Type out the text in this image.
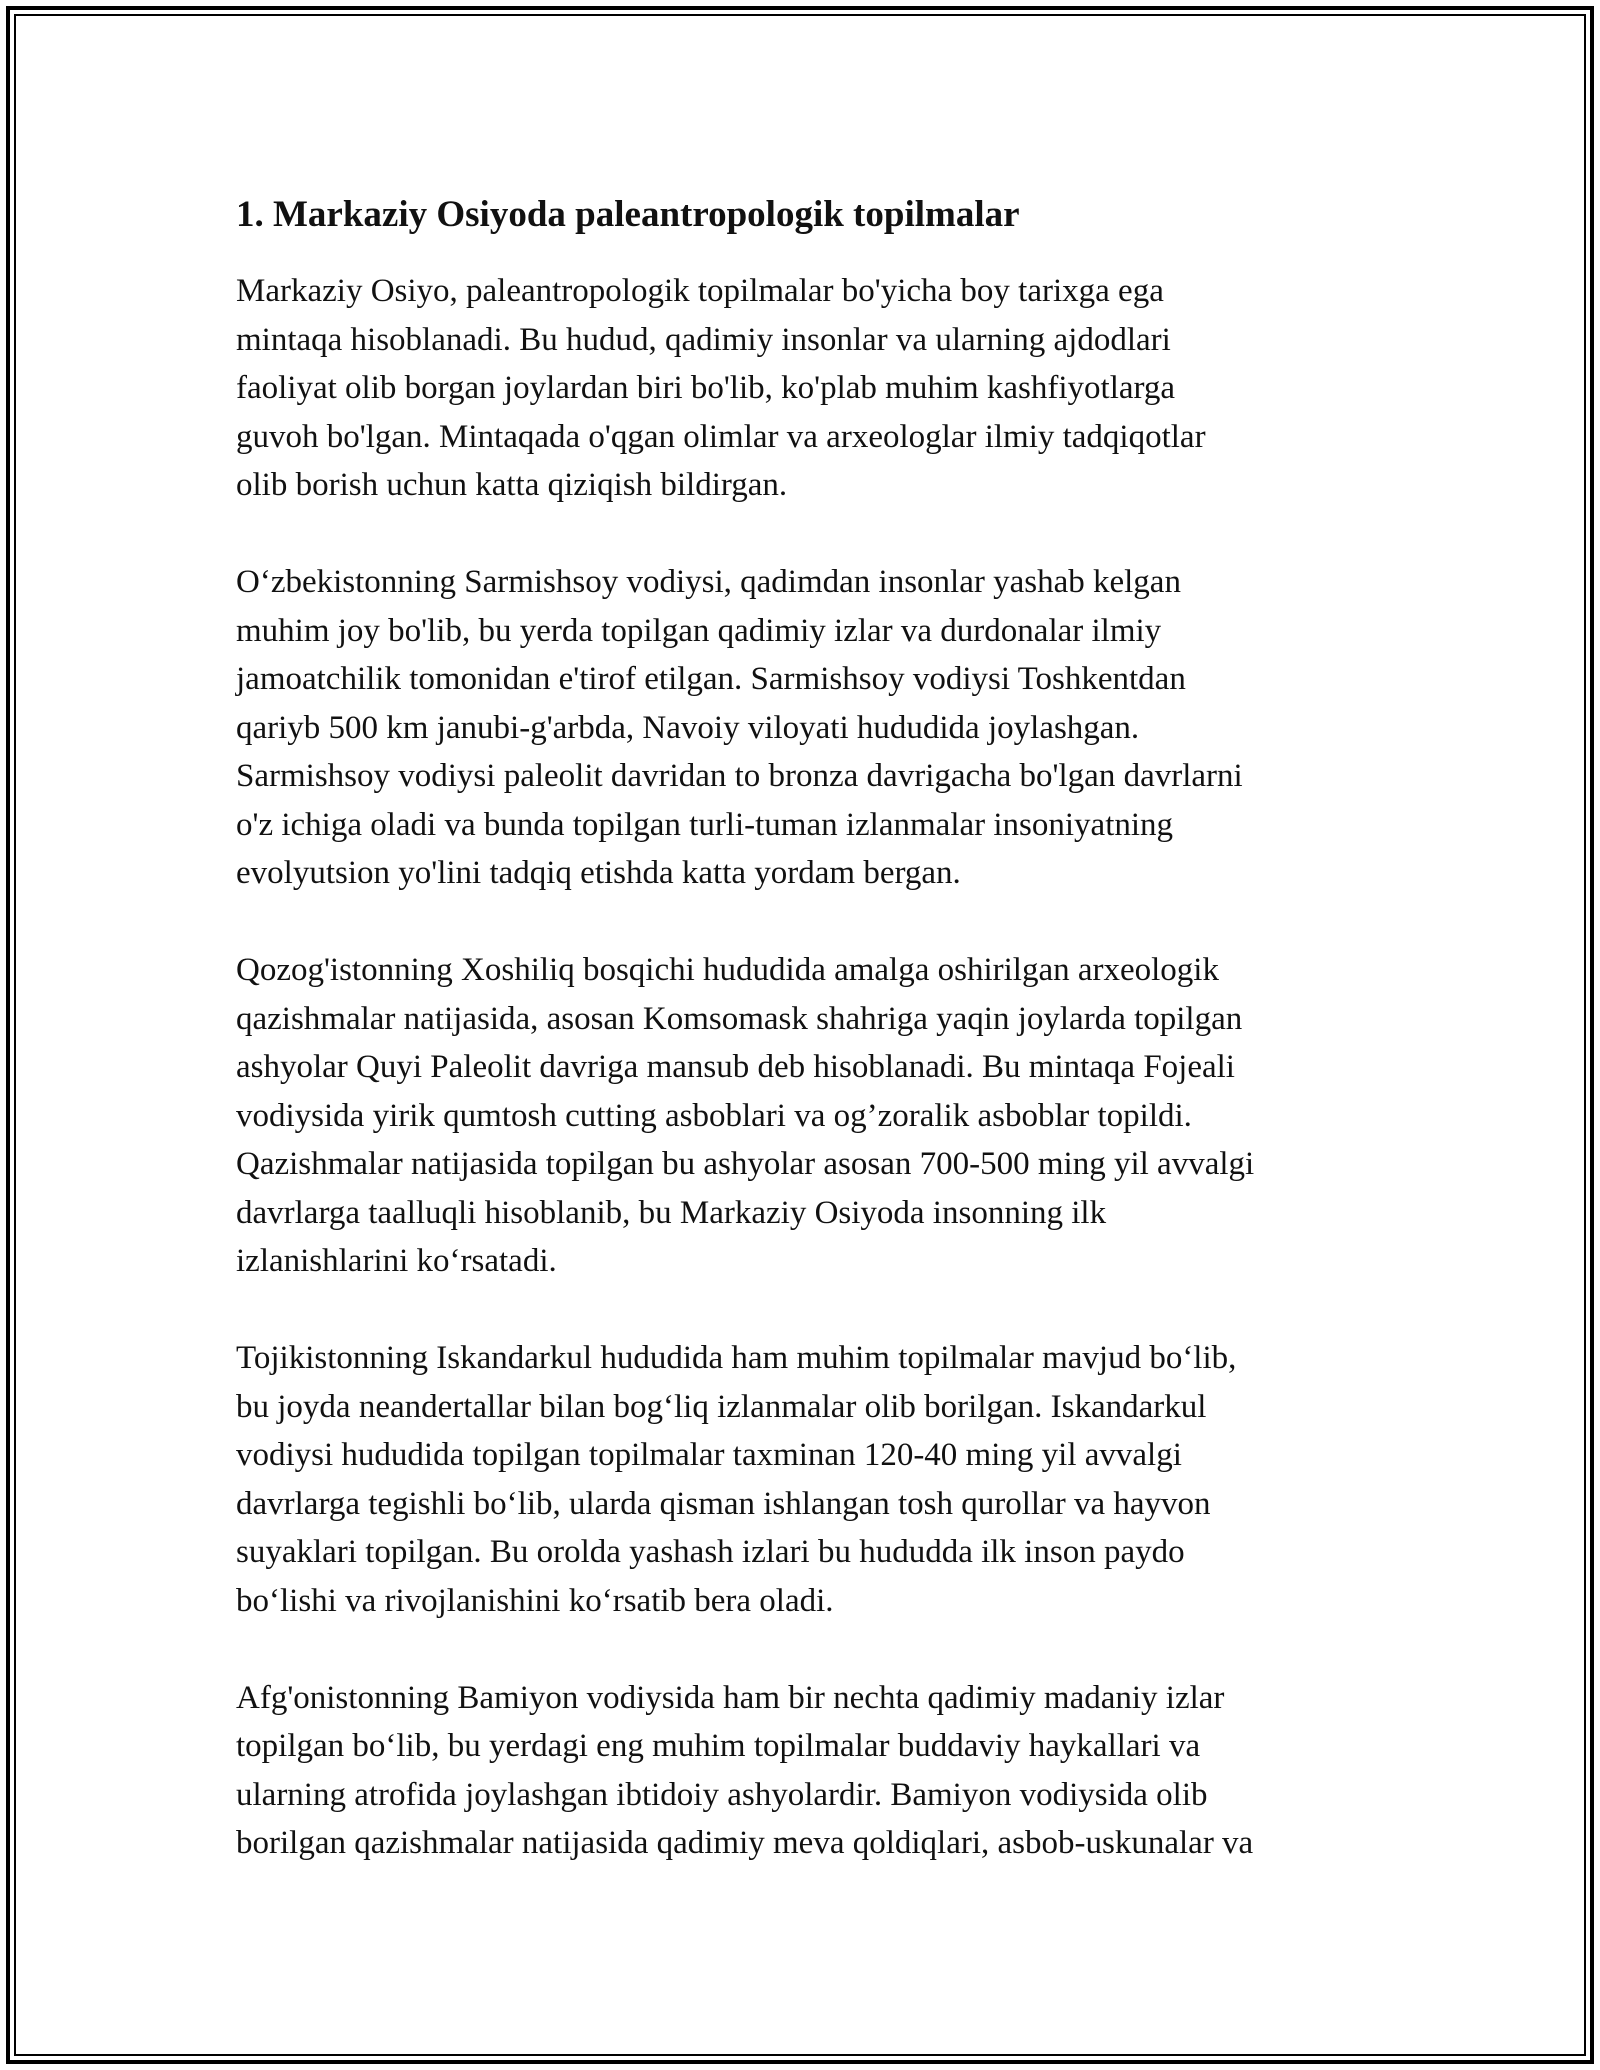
1. Markaziy Osiyoda paleantropologik topilmalar

Markaziy Osiyo, paleantropologik topilmalar bo'yicha boy tarixga ega
mintaqa hisoblanadi. Bu hudud, qadimiy insonlar va ularning ajdodlari
faoliyat olib borgan joylardan biri bo'lib, ko'plab muhim kashfiyotlarga
guvoh bo'lgan. Mintaqada o'qgan olimlar va arxeologlar ilmiy tadqiqotlar
olib borish uchun katta qiziqish bildirgan.

O‘zbekistonning Sarmishsoy vodiysi, qadimdan insonlar yashab kelgan
muhim joy bo'lib, bu yerda topilgan qadimiy izlar va durdonalar ilmiy
jamoatchilik tomonidan e'tirof etilgan. Sarmishsoy vodiysi Toshkentdan
qariyb 500 km janubi-g'arbda, Navoiy viloyati hududida joylashgan.
Sarmishsoy vodiysi paleolit davridan to bronza davrigacha bo'lgan davrlarni
o'z ichiga oladi va bunda topilgan turli-tuman izlanmalar insoniyatning
evolyutsion yo'lini tadqiq etishda katta yordam bergan.

Qozog'istonning Xoshiliq bosqichi hududida amalga oshirilgan arxeologik
qazishmalar natijasida, asosan Komsomask shahriga yaqin joylarda topilgan
ashyolar Quyi Paleolit davriga mansub deb hisoblanadi. Bu mintaqa Fojeali
vodiysida yirik qumtosh cutting asboblari va og’zoralik asboblar topildi.
Qazishmalar natijasida topilgan bu ashyolar asosan 700-500 ming yil avvalgi
davrlarga taalluqli hisoblanib, bu Markaziy Osiyoda insonning ilk
izlanishlarini ko‘rsatadi.

Tojikistonning Iskandarkul hududida ham muhim topilmalar mavjud bo‘lib,
bu joyda neandertallar bilan bog‘liq izlanmalar olib borilgan. Iskandarkul
vodiysi hududida topilgan topilmalar taxminan 120-40 ming yil avvalgi
davrlarga tegishli bo‘lib, ularda qisman ishlangan tosh qurollar va hayvon
suyaklari topilgan. Bu orolda yashash izlari bu hududda ilk inson paydo
bo‘lishi va rivojlanishini ko‘rsatib bera oladi.

Afg'onistonning Bamiyon vodiysida ham bir nechta qadimiy madaniy izlar
topilgan bo‘lib, bu yerdagi eng muhim topilmalar buddaviy haykallari va
ularning atrofida joylashgan ibtidoiy ashyolardir. Bamiyon vodiysida olib
borilgan qazishmalar natijasida qadimiy meva qoldiqlari, asbob-uskunalar va
